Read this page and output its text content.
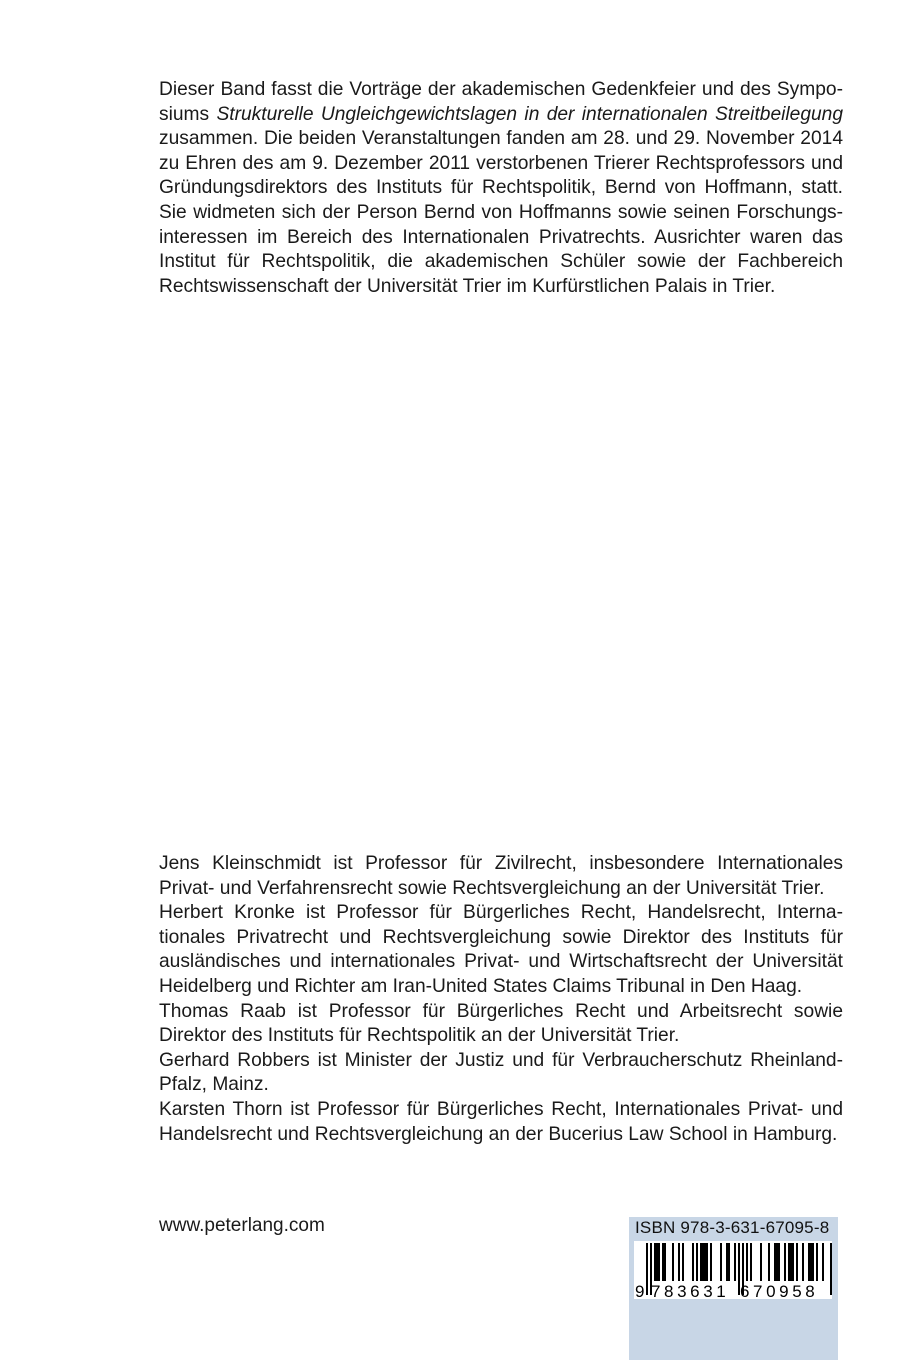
Dieser Band fasst die Vorträge der akademischen Gedenkfeier und des Symposiums Strukturelle Ungleichgewichtslagen in der internationalen Streitbeilegung zusammen. Die beiden Veranstaltungen fanden am 28. und 29. November 2014 zu Ehren des am 9. Dezember 2011 verstorbenen Trierer Rechtsprofessors und Gründungsdirektors des Instituts für Rechtspolitik, Bernd von Hoffmann, statt. Sie widmeten sich der Person Bernd von Hoffmanns sowie seinen Forschungsinteressen im Bereich des Internationalen Privatrechts. Ausrichter waren das Institut für Rechtspolitik, die akademischen Schüler sowie der Fachbereich Rechtswissenschaft der Universität Trier im Kurfürstlichen Palais in Trier.

Jens Kleinschmidt ist Professor für Zivilrecht, insbesondere Internationales Privat- und Verfahrensrecht sowie Rechtsvergleichung an der Universität Trier.

Herbert Kronke ist Professor für Bürgerliches Recht, Handelsrecht, Internationales Privatrecht und Rechtsvergleichung sowie Direktor des Instituts für ausländisches und internationales Privat- und Wirtschaftsrecht der Universität Heidelberg und Richter am Iran-United States Claims Tribunal in Den Haag.

Thomas Raab ist Professor für Bürgerliches Recht und Arbeitsrecht sowie Direktor des Instituts für Rechtspolitik an der Universität Trier.

Gerhard Robbers ist Minister der Justiz und für Verbraucherschutz Rheinland-Pfalz, Mainz.

Karsten Thorn ist Professor für Bürgerliches Recht, Internationales Privat- und Handelsrecht und Rechtsvergleichung an der Bucerius Law School in Hamburg.

www.peterlang.com	ISBN 978-3-631-67095-8
9 783631 670958
